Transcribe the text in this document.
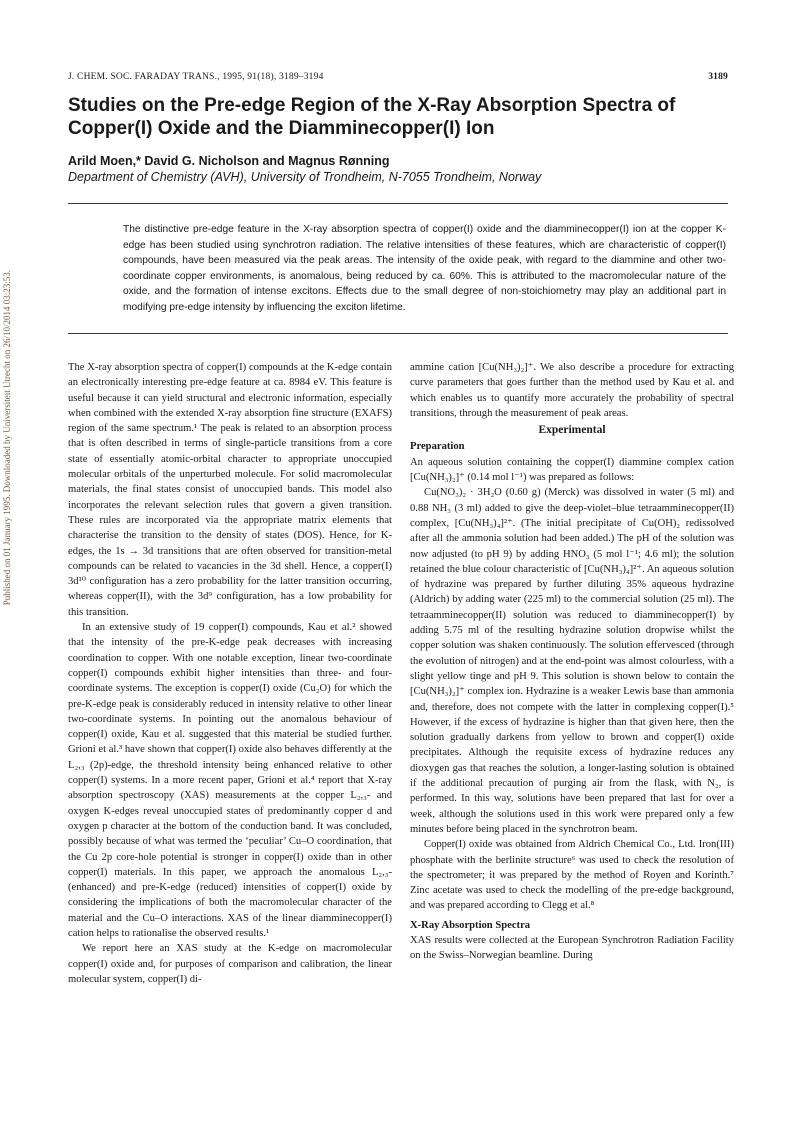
Published on 01 January 1995. Downloaded by Universiteit Utrecht on 26/10/2014 03:23:53.
J. CHEM. SOC. FARADAY TRANS., 1995, 91(18), 3189–3194	3189
Studies on the Pre-edge Region of the X-Ray Absorption Spectra of Copper(I) Oxide and the Diamminecopper(I) Ion
Arild Moen,* David G. Nicholson and Magnus Rønning
Department of Chemistry (AVH), University of Trondheim, N-7055 Trondheim, Norway

The distinctive pre-edge feature in the X-ray absorption spectra of copper(I) oxide and the diamminecopper(I) ion at the copper K-edge has been studied using synchrotron radiation. The relative intensities of these features, which are characteristic of copper(I) compounds, have been measured via the peak areas. The intensity of the oxide peak, with regard to the diammine and other two-coordinate copper environments, is anomalous, being reduced by ca. 60%. This is attributed to the macromolecular nature of the oxide, and the formation of intense excitons. Effects due to the small degree of non-stoichiometry may play an additional part in modifying pre-edge intensity by influencing the exciton lifetime.

The X-ray absorption spectra of copper(I) compounds at the K-edge contain an electronically interesting pre-edge feature at ca. 8984 eV. This feature is useful because it can yield structural and electronic information, especially when combined with the extended X-ray absorption fine structure (EXAFS) region of the same spectrum.¹ The peak is related to an absorption process that is often described in terms of single-particle transitions from a core state of essentially atomic-orbital character to appropriate unoccupied molecular orbitals of the unperturbed molecule. For solid macromolecular materials, the final states consist of unoccupied bands. This model also incorporates the relevant selection rules that govern a given transition. These rules are incorporated via the appropriate matrix elements that characterise the transition to the density of states (DOS). Hence, for K-edges, the 1s → 3d transitions that are often observed for transition-metal compounds can be related to vacancies in the 3d shell. Hence, a copper(I) 3d¹⁰ configuration has a zero probability for the latter transition occurring, whereas copper(II), with the 3d⁹ configuration, has a low probability for this transition.

In an extensive study of 19 copper(I) compounds, Kau et al.² showed that the intensity of the pre-K-edge peak decreases with increasing coordination to copper. With one notable exception, linear two-coordinate copper(I) compounds exhibit higher intensities than three- and four-coordinate systems. The exception is copper(I) oxide (Cu₂O) for which the pre-K-edge peak is considerably reduced in intensity relative to other linear two-coordinate systems. In pointing out the anomalous behaviour of copper(I) oxide, Kau et al. suggested that this material be studied further. Grioni et al.³ have shown that copper(I) oxide also behaves differently at the L₂,₃ (2p)-edge, the threshold intensity being enhanced relative to other copper(I) systems. In a more recent paper, Grioni et al.⁴ report that X-ray absorption spectroscopy (XAS) measurements at the copper L₂,₃- and oxygen K-edges reveal unoccupied states of predominantly copper d and oxygen p character at the bottom of the conduction band. It was concluded, possibly because of what was termed the ‘peculiar’ Cu–O coordination, that the Cu 2p core-hole potential is stronger in copper(I) oxide than in other copper(I) materials. In this paper, we approach the anomalous L₂,₃- (enhanced) and pre-K-edge (reduced) intensities of copper(I) oxide by considering the implications of both the macromolecular character of the material and the Cu–O interactions. XAS of the linear diamminecopper(I) cation helps to rationalise the observed results.¹

We report here an XAS study at the K-edge on macromolecular copper(I) oxide and, for purposes of comparison and calibration, the linear molecular system, copper(I) di-

ammine cation [Cu(NH₃)₂]⁺. We also describe a procedure for extracting curve parameters that goes further than the method used by Kau et al. and which enables us to quantify more accurately the probability of spectral transitions, through the measurement of peak areas.

Experimental
Preparation

An aqueous solution containing the copper(I) diammine complex cation [Cu(NH₃)₂]⁺ (0.14 mol l⁻¹) was prepared as follows:

Cu(NO₃)₂ · 3H₂O (0.60 g) (Merck) was dissolved in water (5 ml) and 0.88 NH₃ (3 ml) added to give the deep-violet–blue tetraamminecopper(II) complex, [Cu(NH₃)₄]²⁺. (The initial precipitate of Cu(OH)₂ redissolved after all the ammonia solution had been added.) The pH of the solution was now adjusted (to pH 9) by adding HNO₃ (5 mol l⁻¹; 4.6 ml); the solution retained the blue colour characteristic of [Cu(NH₃)₄]²⁺. An aqueous solution of hydrazine was prepared by further diluting 35% aqueous hydrazine (Aldrich) by adding water (225 ml) to the commercial solution (25 ml). The tetraamminecopper(II) solution was reduced to diamminecopper(I) by adding 5.75 ml of the resulting hydrazine solution dropwise whilst the copper solution was shaken continuously. The solution effervesced (through the evolution of nitrogen) and at the end-point was almost colourless, with a slight yellow tinge and pH 9. This solution is shown below to contain the [Cu(NH₃)₂]⁺ complex ion. Hydrazine is a weaker Lewis base than ammonia and, therefore, does not compete with the latter in complexing copper(I).⁵ However, if the excess of hydrazine is higher than that given here, then the solution gradually darkens from yellow to brown and copper(I) oxide precipitates. Although the requisite excess of hydrazine reduces any dioxygen gas that reaches the solution, a longer-lasting solution is obtained if the additional precaution of purging air from the flask, with N₂, is performed. In this way, solutions have been prepared that last for over a week, although the solutions used in this work were prepared only a few minutes before being placed in the synchrotron beam.

Copper(I) oxide was obtained from Aldrich Chemical Co., Ltd. Iron(III) phosphate with the berlinite structure⁶ was used to check the resolution of the spectrometer; it was prepared by the method of Royen and Korinth.⁷ Zinc acetate was used to check the modelling of the pre-edge background, and was prepared according to Clegg et al.⁸

X-Ray Absorption Spectra

XAS results were collected at the European Synchrotron Radiation Facility on the Swiss–Norwegian beamline. During
